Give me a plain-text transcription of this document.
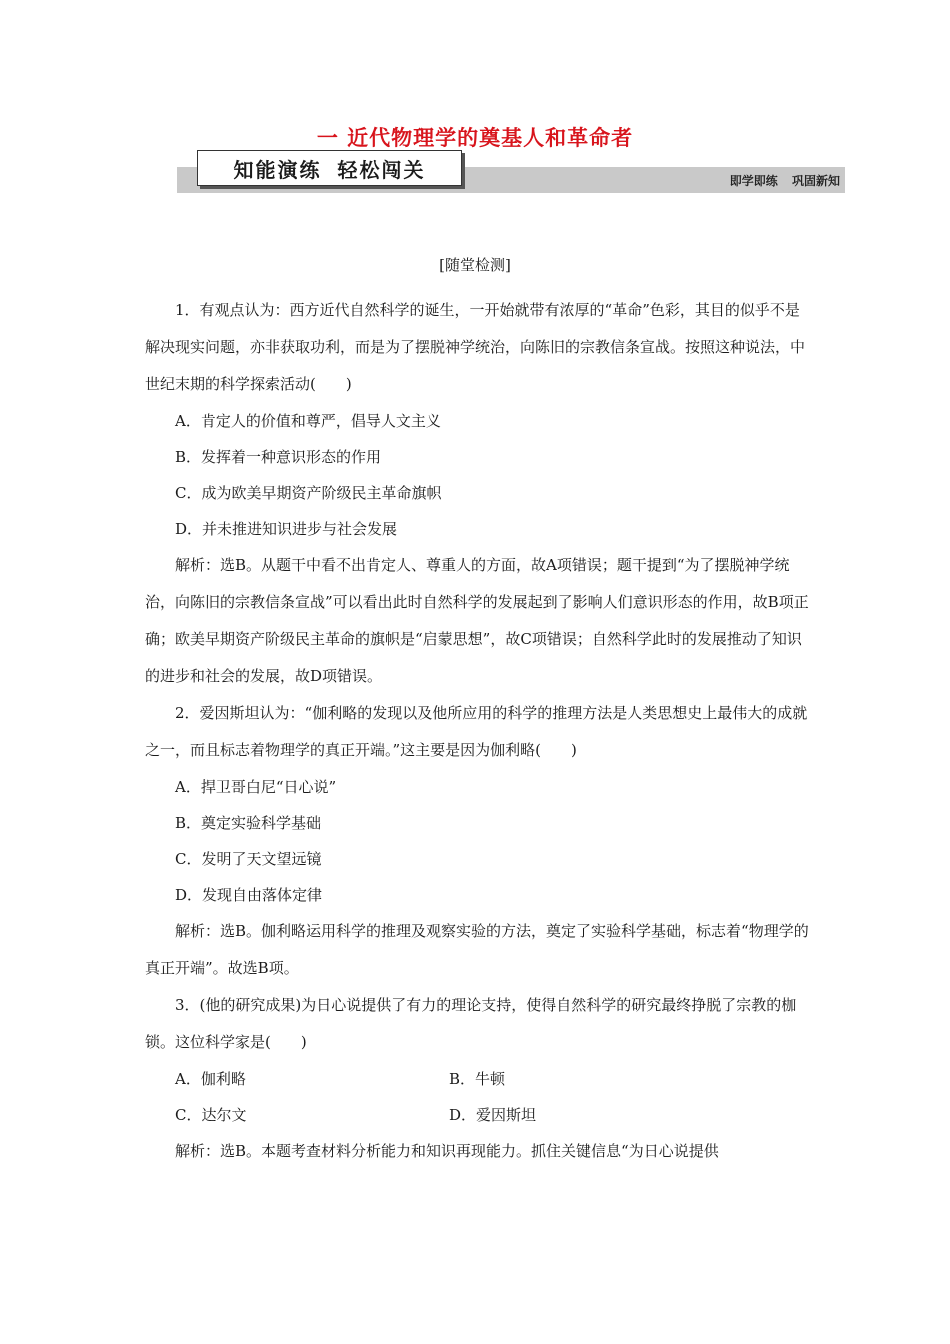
一 近代物理学的奠基人和革命者
知能演练 轻松闯关	即学即练 巩固新知
[随堂检测]

1．有观点认为：西方近代自然科学的诞生，一开始就带有浓厚的“革命”色彩，其目的似乎不是解决现实问题，亦非获取功利，而是为了摆脱神学统治，向陈旧的宗教信条宣战。按照这种说法，中世纪末期的科学探索活动(　　)

A．肯定人的价值和尊严，倡导人文主义

B．发挥着一种意识形态的作用

C．成为欧美早期资产阶级民主革命旗帜

D．并未推进知识进步与社会发展

解析：选B。从题干中看不出肯定人、尊重人的方面，故A项错误；题干提到“为了摆脱神学统治，向陈旧的宗教信条宣战”可以看出此时自然科学的发展起到了影响人们意识形态的作用，故B项正确；欧美早期资产阶级民主革命的旗帜是“启蒙思想”，故C项错误；自然科学此时的发展推动了知识的进步和社会的发展，故D项错误。

2．爱因斯坦认为：“伽利略的发现以及他所应用的科学的推理方法是人类思想史上最伟大的成就之一，而且标志着物理学的真正开端。”这主要是因为伽利略(　　)

A．捍卫哥白尼“日心说”

B．奠定实验科学基础

C．发明了天文望远镜

D．发现自由落体定律

解析：选B。伽利略运用科学的推理及观察实验的方法，奠定了实验科学基础，标志着“物理学的真正开端”。故选B项。

3．(他的研究成果)为日心说提供了有力的理论支持，使得自然科学的研究最终挣脱了宗教的枷锁。这位科学家是(　　)

A．伽利略	B．牛顿
C．达尔文	D．爱因斯坦

解析：选B。本题考查材料分析能力和知识再现能力。抓住关键信息“为日心说提供
